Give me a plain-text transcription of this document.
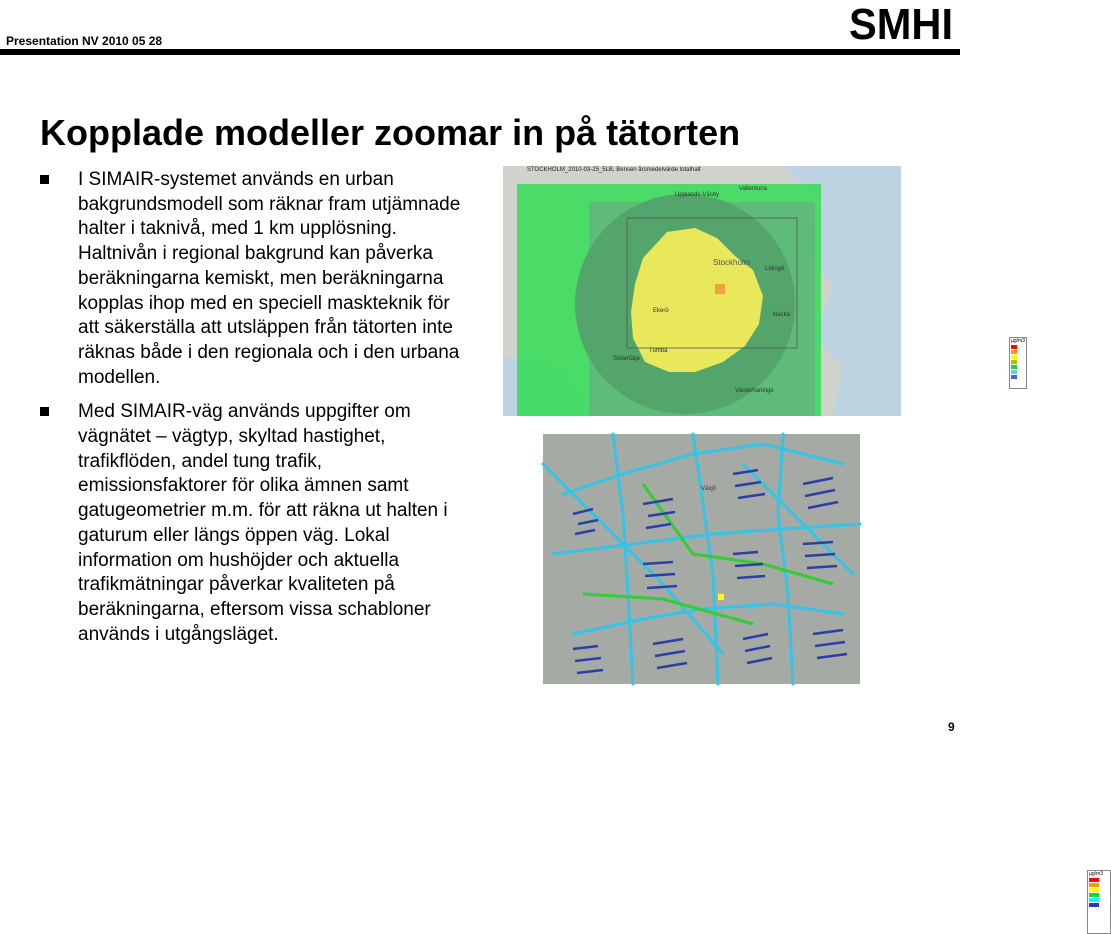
Presentation NV 2010 05 28	SMHI
Kopplade modeller zoomar in på tätorten
I SIMAIR-systemet används en urban bakgrundsmodell som räknar fram utjämnade halter i taknivå, med 1 km upplösning. Haltnivån i regional bakgrund kan påverka beräkningarna kemiskt, men beräkningarna kopplas ihop med en speciell maskteknik för att säkerställa att utsläppen från tätorten inte räknas både i den regionala och i den urbana modellen.
Med SIMAIR-väg används uppgifter om vägnätet – vägtyp, skyltad hastighet, trafikflöden, andel tung trafik, emissionsfaktorer för olika ämnen samt gatugeometrier m.m. för att räkna ut halten i gaturum eller längs öppen väg. Lokal information om hushöjder och aktuella trafikmätningar påverkar kvaliteten på beräkningarna, eftersom vissa schabloner används i utgångsläget.
µg/m3
Upplands-Väsby
Vallentuna
Stockholm
Lidingö
Södertälje
Tumba
Västerhaninge
Nacka
Ekerö
STOCKHOLM_2010-03-25_5LB, Bensen årsmedelvärde totalhalt
µg/m3
Växjö
9
